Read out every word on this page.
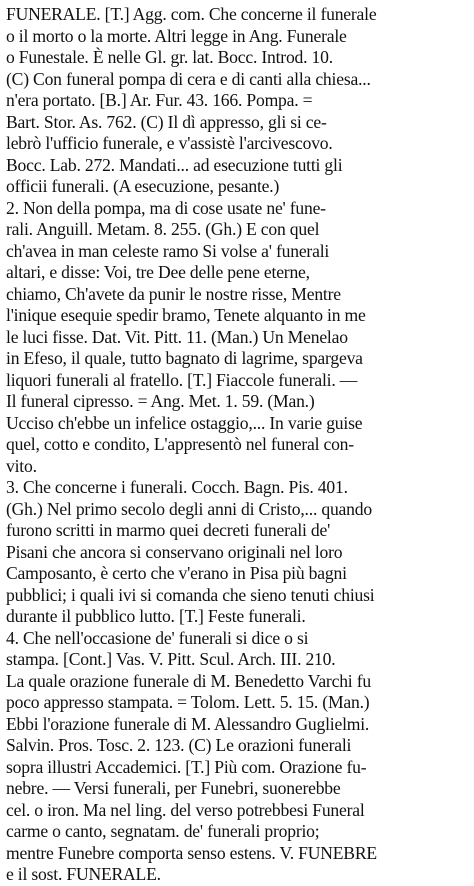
FUNERALE. [T.] Agg. com. Che concerne il funerale
o il morto o la morte. Altri legge in Ang. Funerale
o Funestale. È nelle Gl. gr. lat. Bocc. Introd. 10.
(C) Con funeral pompa di cera e di canti alla chiesa...
n'era portato. [B.] Ar. Fur. 43. 166. Pompa. =
Bart. Stor. As. 762. (C) Il dì appresso, gli si ce-
lebrò l'ufficio funerale, e v'assistè l'arcivescovo.
Bocc. Lab. 272. Mandati... ad esecuzione tutti gli
officii funerali. (A esecuzione, pesante.)
2. Non della pompa, ma di cose usate ne' fune-
rali. Anguill. Metam. 8. 255. (Gh.) E con quel
ch'avea in man celeste ramo Si volse a' funerali
altari, e disse: Voi, tre Dee delle pene eterne,
chiamo, Ch'avete da punir le nostre risse, Mentre
l'inique esequie spedir bramo, Tenete alquanto in me
le luci fisse. Dat. Vit. Pitt. 11. (Man.) Un Menelao
in Efeso, il quale, tutto bagnato di lagrime, spargeva
liquori funerali al fratello. [T.] Fiaccole funerali. —
Il funeral cipresso. = Ang. Met. 1. 59. (Man.)
Ucciso ch'ebbe un infelice ostaggio,... In varie guise
quel, cotto e condito, L'appresentò nel funeral con-
vito.
3. Che concerne i funerali. Cocch. Bagn. Pis. 401.
(Gh.) Nel primo secolo degli anni di Cristo,... quando
furono scritti in marmo quei decreti funerali de'
Pisani che ancora si conservano originali nel loro
Camposanto, è certo che v'erano in Pisa più bagni
pubblici; i quali ivi si comanda che sieno tenuti chiusi
durante il pubblico lutto. [T.] Feste funerali.
4. Che nell'occasione de' funerali si dice o si
stampa. [Cont.] Vas. V. Pitt. Scul. Arch. III. 210.
La quale orazione funerale di M. Benedetto Varchi fu
poco appresso stampata. = Tolom. Lett. 5. 15. (Man.)
Ebbi l'orazione funerale di M. Alessandro Guglielmi.
Salvin. Pros. Tosc. 2. 123. (C) Le orazioni funerali
sopra illustri Accademici. [T.] Più com. Orazione fu-
nebre. — Versi funerali, per Funebri, suonerebbe
cel. o iron. Ma nel ling. del verso potrebbesi Funeral
carme o canto, segnatam. de' funerali proprio;
mentre Funebre comporta senso estens. V. FUNEBRE
e il sost. FUNERALE.
